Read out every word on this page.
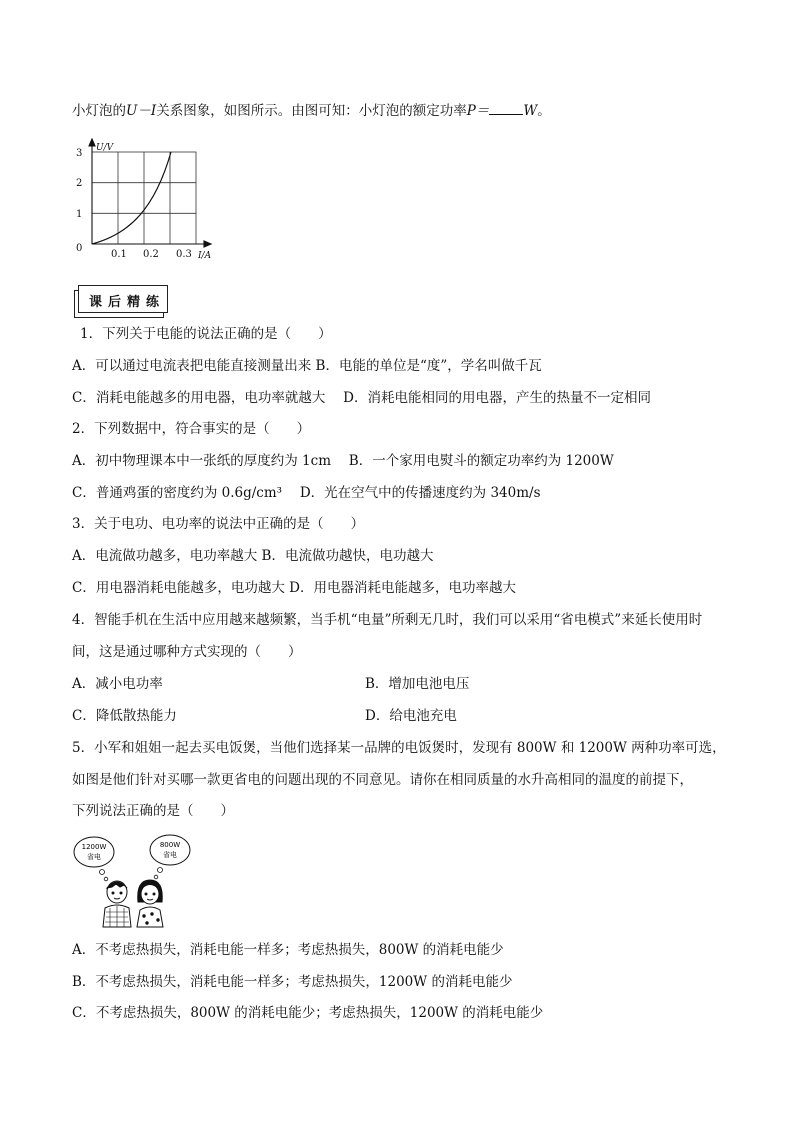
小灯泡的U－I关系图象，如图所示。由图可知：小灯泡的额定功率P＝	W。
3
2
1
0
0.1 0.2 0.3
U/V
I/A
课后精练
1．下列关于电能的说法正确的是（　　）
A．可以通过电流表把电能直接测量出来 B．电能的单位是“度”，学名叫做千瓦
C．消耗电能越多的用电器，电功率就越大　 D．消耗电能相同的用电器，产生的热量不一定相同
2．下列数据中，符合事实的是（　　）
A．初中物理课本中一张纸的厚度约为 1cm　 B．一个家用电熨斗的额定功率约为 1200W
C．普通鸡蛋的密度约为 0.6g/cm³　 D．光在空气中的传播速度约为 340m/s
3．关于电功、电功率的说法中正确的是（　　）
A．电流做功越多，电功率越大 B．电流做功越快，电功越大
C．用电器消耗电能越多，电功越大 D．用电器消耗电能越多，电功率越大
4．智能手机在生活中应用越来越频繁，当手机“电量”所剩无几时，我们可以采用“省电模式”来延长使用时
间，这是通过哪种方式实现的（　　）
A．减小电功率	B．增加电池电压
C．降低散热能力	D．给电池充电
5．小军和姐姐一起去买电饭煲，当他们选择某一品牌的电饭煲时，发现有 800W 和 1200W 两种功率可选，
如图是他们针对买哪一款更省电的问题出现的不同意见。请你在相同质量的水升高相同的温度的前提下，
下列说法正确的是（　　）
1200W
省电
800W
省电
A．不考虑热损失，消耗电能一样多；考虑热损失，800W 的消耗电能少
B．不考虑热损失，消耗电能一样多；考虑热损失，1200W 的消耗电能少
C．不考虑热损失，800W 的消耗电能少；考虑热损失，1200W 的消耗电能少
